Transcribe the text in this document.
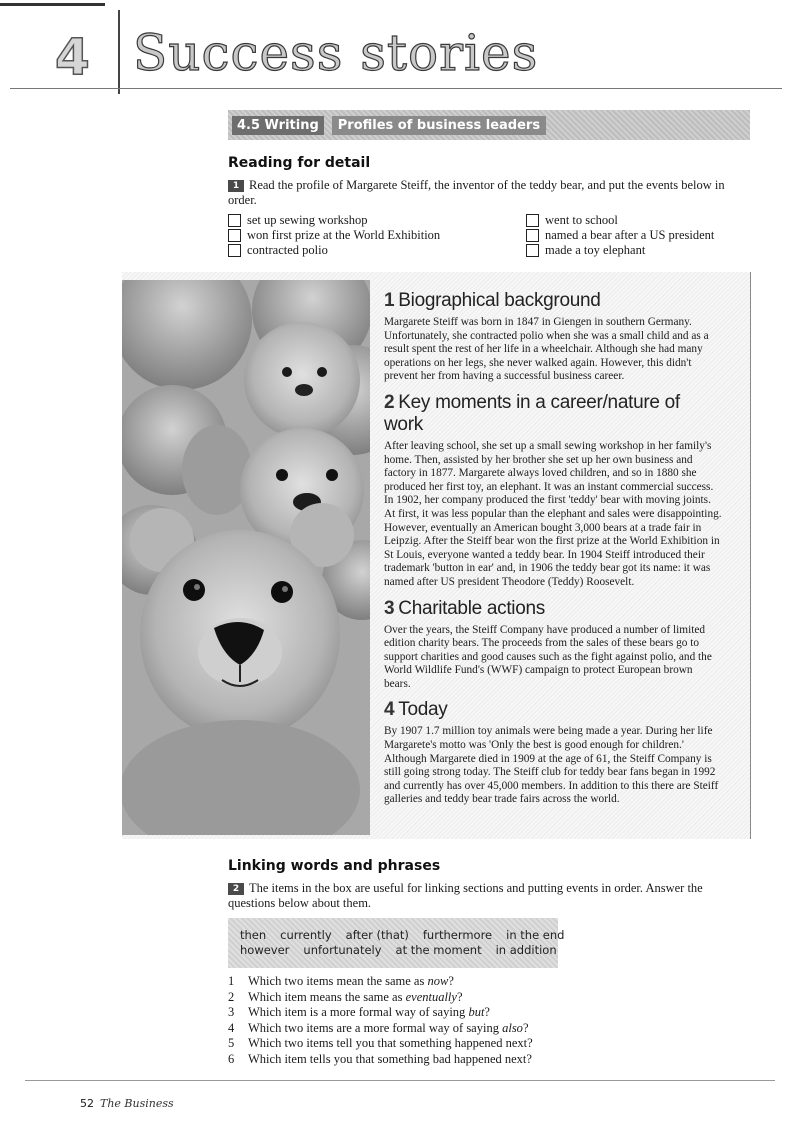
4 Success stories
4.5 Writing	Profiles of business leaders
Reading for detail
1 Read the profile of Margarete Steiff, the inventor of the teddy bear, and put the events below in order.
set up sewing workshop	went to school
won first prize at the World Exhibition	named a bear after a US president
contracted polio	made a toy elephant
1 Biographical background

Margarete Steiff was born in 1847 in Giengen in southern Germany. Unfortunately, she contracted polio when she was a small child and as a result spent the rest of her life in a wheelchair. Although she had many operations on her legs, she never walked again. However, this didn't prevent her from having a successful business career.

2 Key moments in a career/nature of work

After leaving school, she set up a small sewing workshop in her family's home. Then, assisted by her brother she set up her own business and factory in 1877. Margarete always loved children, and so in 1880 she produced her first toy, an elephant. It was an instant commercial success. In 1902, her company produced the first 'teddy' bear with moving joints. At first, it was less popular than the elephant and sales were disappointing. However, eventually an American bought 3,000 bears at a trade fair in Leipzig. After the Steiff bear won the first prize at the World Exhibition in St Louis, everyone wanted a teddy bear. In 1904 Steiff introduced their trademark 'button in ear' and, in 1906 the teddy bear got its name: it was named after US president Theodore (Teddy) Roosevelt.

3 Charitable actions

Over the years, the Steiff Company have produced a number of limited edition charity bears. The proceeds from the sales of these bears go to support charities and good causes such as the fight against polio, and the World Wildlife Fund's (WWF) campaign to protect European brown bears.

4 Today

By 1907 1.7 million toy animals were being made a year. During her life Margarete's motto was 'Only the best is good enough for children.' Although Margarete died in 1909 at the age of 61, the Steiff Company is still going strong today. The Steiff club for teddy bear fans began in 1992 and currently has over 45,000 members. In addition to this there are Steiff galleries and teddy bear trade fairs across the world.

Linking words and phrases
2 The items in the box are useful for linking sections and putting events in order. Answer the questions below about them.
then currently after (that) furthermore in the end
however unfortunately at the moment in addition
1	Which two items mean the same as now?
2	Which item means the same as eventually?
3	Which item is a more formal way of saying but?
4	Which two items are a more formal way of saying also?
5	Which two items tell you that something happened next?
6	Which item tells you that something bad happened next?
52 The Business
